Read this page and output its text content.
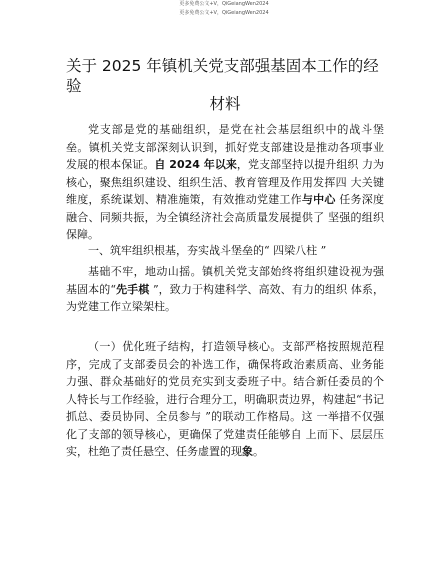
更多免费公文+V，QiGeiangWen2024
更多免费公文+V，QiGeiangWen2024
关于 2025 年镇机关党支部强基固本工作的经
验
材料

党支部是党的基础组织，是党在社会基层组织中的战斗堡垒。镇机关党支部深刻认识到，抓好党支部建设是推动各项事业发展的根本保证。自 2024 年以来，党支部坚持以提升组织 力为核心，聚焦组织建设、组织生活、教育管理及作用发挥四 大关键维度，系统谋划、精准施策，有效推动党建工作与中心 任务深度融合、同频共振，为全镇经济社会高质量发展提供了 坚强的组织保障。

一、筑牢组织根基，夯实战斗堡垒的“ 四梁八柱 ”

基础不牢，地动山摇。镇机关党支部始终将组织建设视为强基固本的“先手棋 ”，致力于构建科学、高效、有力的组织 体系，为党建工作立梁架柱。

（一）优化班子结构，打造领导核心。支部严格按照规范程序，完成了支部委员会的补选工作，确保将政治素质高、业务能力强、群众基础好的党员充实到支委班子中。结合新任委员的个人特长与工作经验，进行合理分工，明确职责边界，构建起“书记抓总、委员协同、全员参与 ”的联动工作格局。这 一举措不仅强化了支部的领导核心，更确保了党建责任能够自 上而下、层层压实，杜绝了责任悬空、任务虚置的现象。
